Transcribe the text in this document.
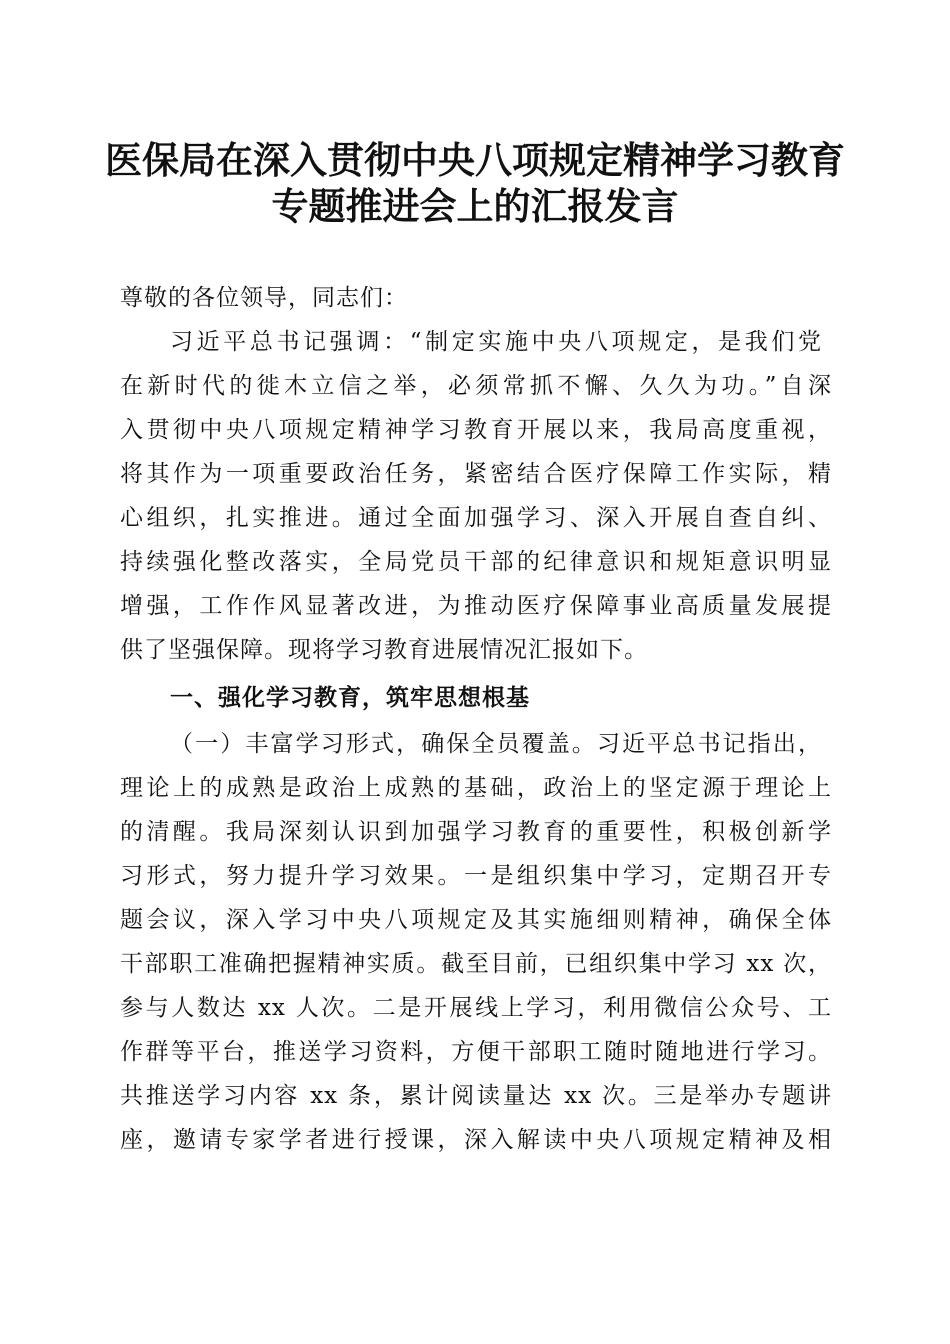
医保局在深入贯彻中央八项规定精神学习教育
专题推进会上的汇报发言
尊敬的各位领导，同志们：
习近平总书记强调：“制定实施中央八项规定，是我们党
在新时代的徙木立信之举，必须常抓不懈、久久为功。”自深
入贯彻中央八项规定精神学习教育开展以来，我局高度重视，
将其作为一项重要政治任务，紧密结合医疗保障工作实际，精
心组织，扎实推进。通过全面加强学习、深入开展自查自纠、
持续强化整改落实，全局党员干部的纪律意识和规矩意识明显
增强，工作作风显著改进，为推动医疗保障事业高质量发展提
供了坚强保障。现将学习教育进展情况汇报如下。
一、强化学习教育，筑牢思想根基
（一）丰富学习形式，确保全员覆盖。习近平总书记指出，
理论上的成熟是政治上成熟的基础，政治上的坚定源于理论上
的清醒。我局深刻认识到加强学习教育的重要性，积极创新学
习形式，努力提升学习效果。一是组织集中学习，定期召开专
题会议，深入学习中央八项规定及其实施细则精神，确保全体
干部职工准确把握精神实质。截至目前，已组织集中学习 xx 次，
参与人数达 xx 人次。二是开展线上学习，利用微信公众号、工
作群等平台，推送学习资料，方便干部职工随时随地进行学习。
共推送学习内容 xx 条，累计阅读量达 xx 次。三是举办专题讲
座，邀请专家学者进行授课，深入解读中央八项规定精神及相
